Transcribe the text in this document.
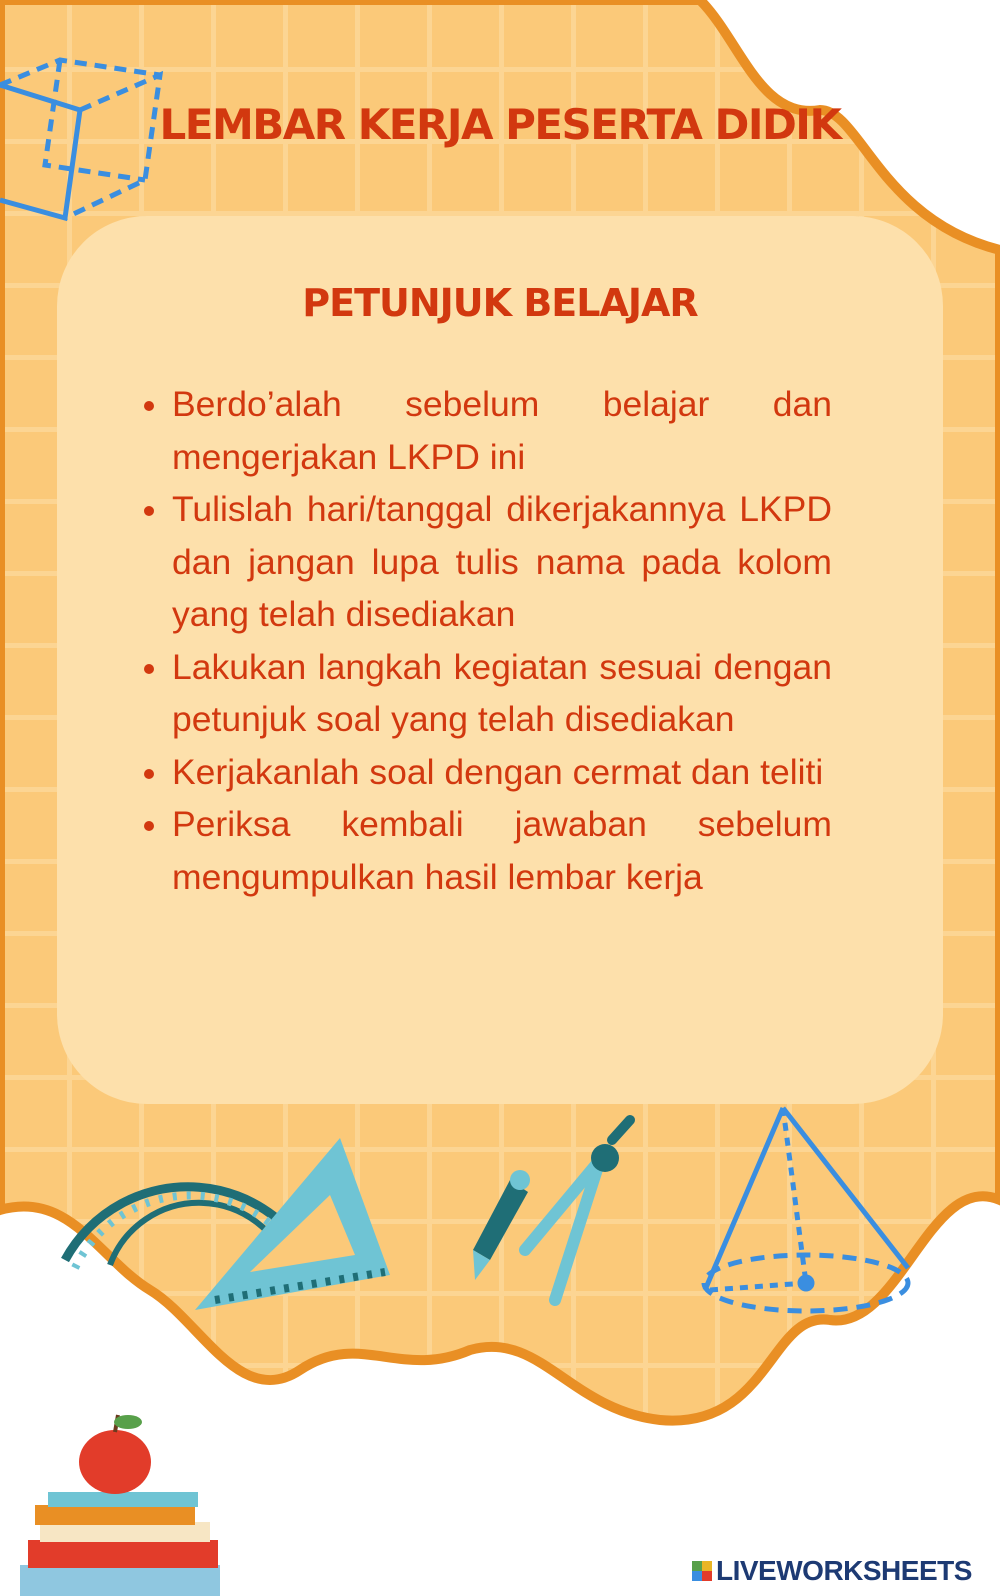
LEMBAR KERJA PESERTA DIDIK
PETUNJUK BELAJAR
Berdo’alah sebelum belajar dan mengerjakan LKPD ini
Tulislah hari/tanggal dikerjakannya LKPD dan jangan lupa tulis nama pada kolom yang telah disediakan
Lakukan langkah kegiatan sesuai dengan petunjuk soal yang telah disediakan
Kerjakanlah soal dengan cermat dan teliti
Periksa kembali jawaban sebelum mengumpulkan hasil lembar kerja
LIVEWORKSHEETS
